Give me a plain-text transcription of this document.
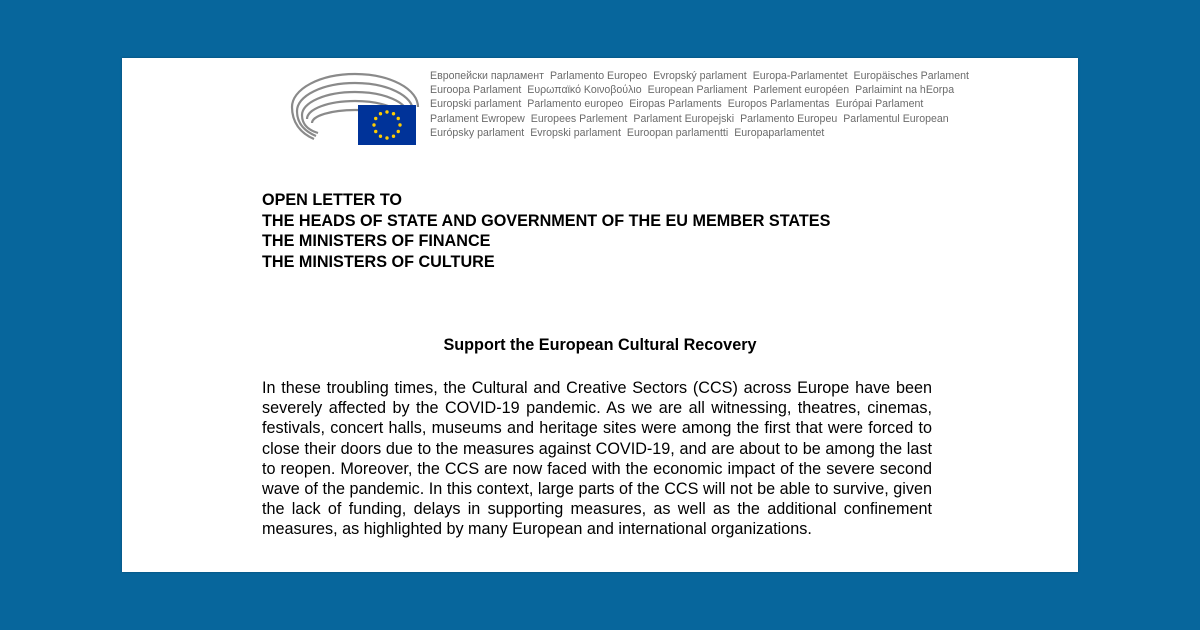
Европейски парламент Parlamento Europeo Evropský parlament Europa-Parlamentet Europäisches Parlament
Euroopa Parlament Ευρωπαϊκό Κοινοβούλιο European Parliament Parlement européen Parlaimint na hEorpa
Europski parlament Parlamento europeo Eiropas Parlaments Europos Parlamentas Európai Parlament
Parlament Ewropew Europees Parlement Parlament Europejski Parlamento Europeu Parlamentul European
Európsky parlament Evropski parlament Euroopan parlamentti Europaparlamentet
OPEN LETTER TO
THE HEADS OF STATE AND GOVERNMENT OF THE EU MEMBER STATES
THE MINISTERS OF FINANCE
THE MINISTERS OF CULTURE
Support the European Cultural Recovery
In these troubling times, the Cultural and Creative Sectors (CCS) across Europe have been severely affected by the COVID-19 pandemic. As we are all witnessing, theatres, cinemas, festivals, concert halls, museums and heritage sites were among the first that were forced to close their doors due to the measures against COVID-19, and are about to be among the last to reopen. Moreover, the CCS are now faced with the economic impact of the severe second wave of the pandemic. In this context, large parts of the CCS will not be able to survive, given the lack of funding, delays in supporting measures, as well as the additional confinement measures, as highlighted by many European and international organizations.
